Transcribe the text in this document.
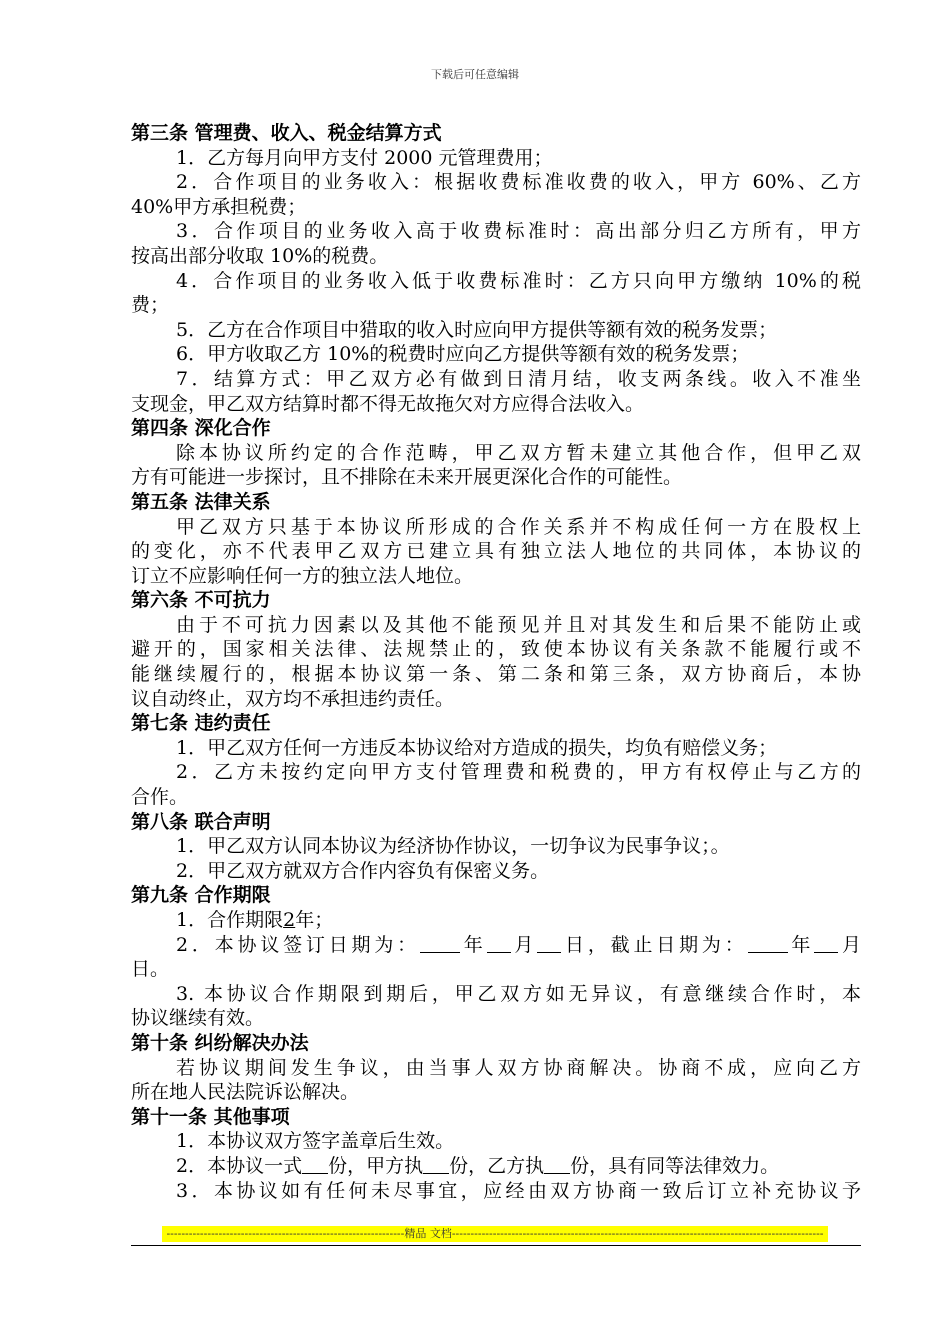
下载后可任意编辑
第三条 管理费、收入、税金结算方式
1．乙方每月向甲方支付 2000 元管理费用；
2．合作项目的业务收入：根据收费标准收费的收入，甲方 60%、乙方
40%甲方承担税费；
3．合作项目的业务收入高于收费标准时：高出部分归乙方所有，甲方
按高出部分收取 10%的税费。
4．合作项目的业务收入低于收费标准时：乙方只向甲方缴纳 10%的税
费；
5．乙方在合作项目中猎取的收入时应向甲方提供等额有效的税务发票；
6．甲方收取乙方 10%的税费时应向乙方提供等额有效的税务发票；
7．结算方式：甲乙双方必有做到日清月结，收支两条线。收入不准坐
支现金，甲乙双方结算时都不得无故拖欠对方应得合法收入。
第四条 深化合作
除本协议所约定的合作范畴，甲乙双方暂未建立其他合作，但甲乙双
方有可能进一步探讨，且不排除在未来开展更深化合作的可能性。
第五条 法律关系
甲乙双方只基于本协议所形成的合作关系并不构成任何一方在股权上
的变化，亦不代表甲乙双方已建立具有独立法人地位的共同体，本协议的
订立不应影响任何一方的独立法人地位。
第六条 不可抗力
由于不可抗力因素以及其他不能预见并且对其发生和后果不能防止或
避开的，国家相关法律、法规禁止的，致使本协议有关条款不能履行或不
能继续履行的，根据本协议第一条、第二条和第三条，双方协商后，本协
议自动终止，双方均不承担违约责任。
第七条 违约责任
1．甲乙双方任何一方违反本协议给对方造成的损失，均负有赔偿义务；
2．乙方未按约定向甲方支付管理费和税费的，甲方有权停止与乙方的
合作。
第八条 联合声明
1．甲乙双方认同本协议为经济协作协议，一切争议为民事争议；。
2．甲乙双方就双方合作内容负有保密义务。
第九条 合作期限
1．合作期限2年；
2．本协议签订日期为： 年 月 日，截止日期为： 年 月
日。
3. 本协议合作期限到期后，甲乙双方如无异议，有意继续合作时，本
协议继续有效。
第十条 纠纷解决办法
若协议期间发生争议，由当事人双方协商解决。协商不成，应向乙方
所在地人民法院诉讼解决。
第十一条 其他事项
1．本协议双方签字盖章后生效。
2．本协议一式 份，甲方执 份，乙方执 份，具有同等法律效力。
3．本协议如有任何未尽事宜，应经由双方协商一致后订立补充协议予
----------------------------------------------------------------精品 文档----------------------------------------------------------------------------------------------------
